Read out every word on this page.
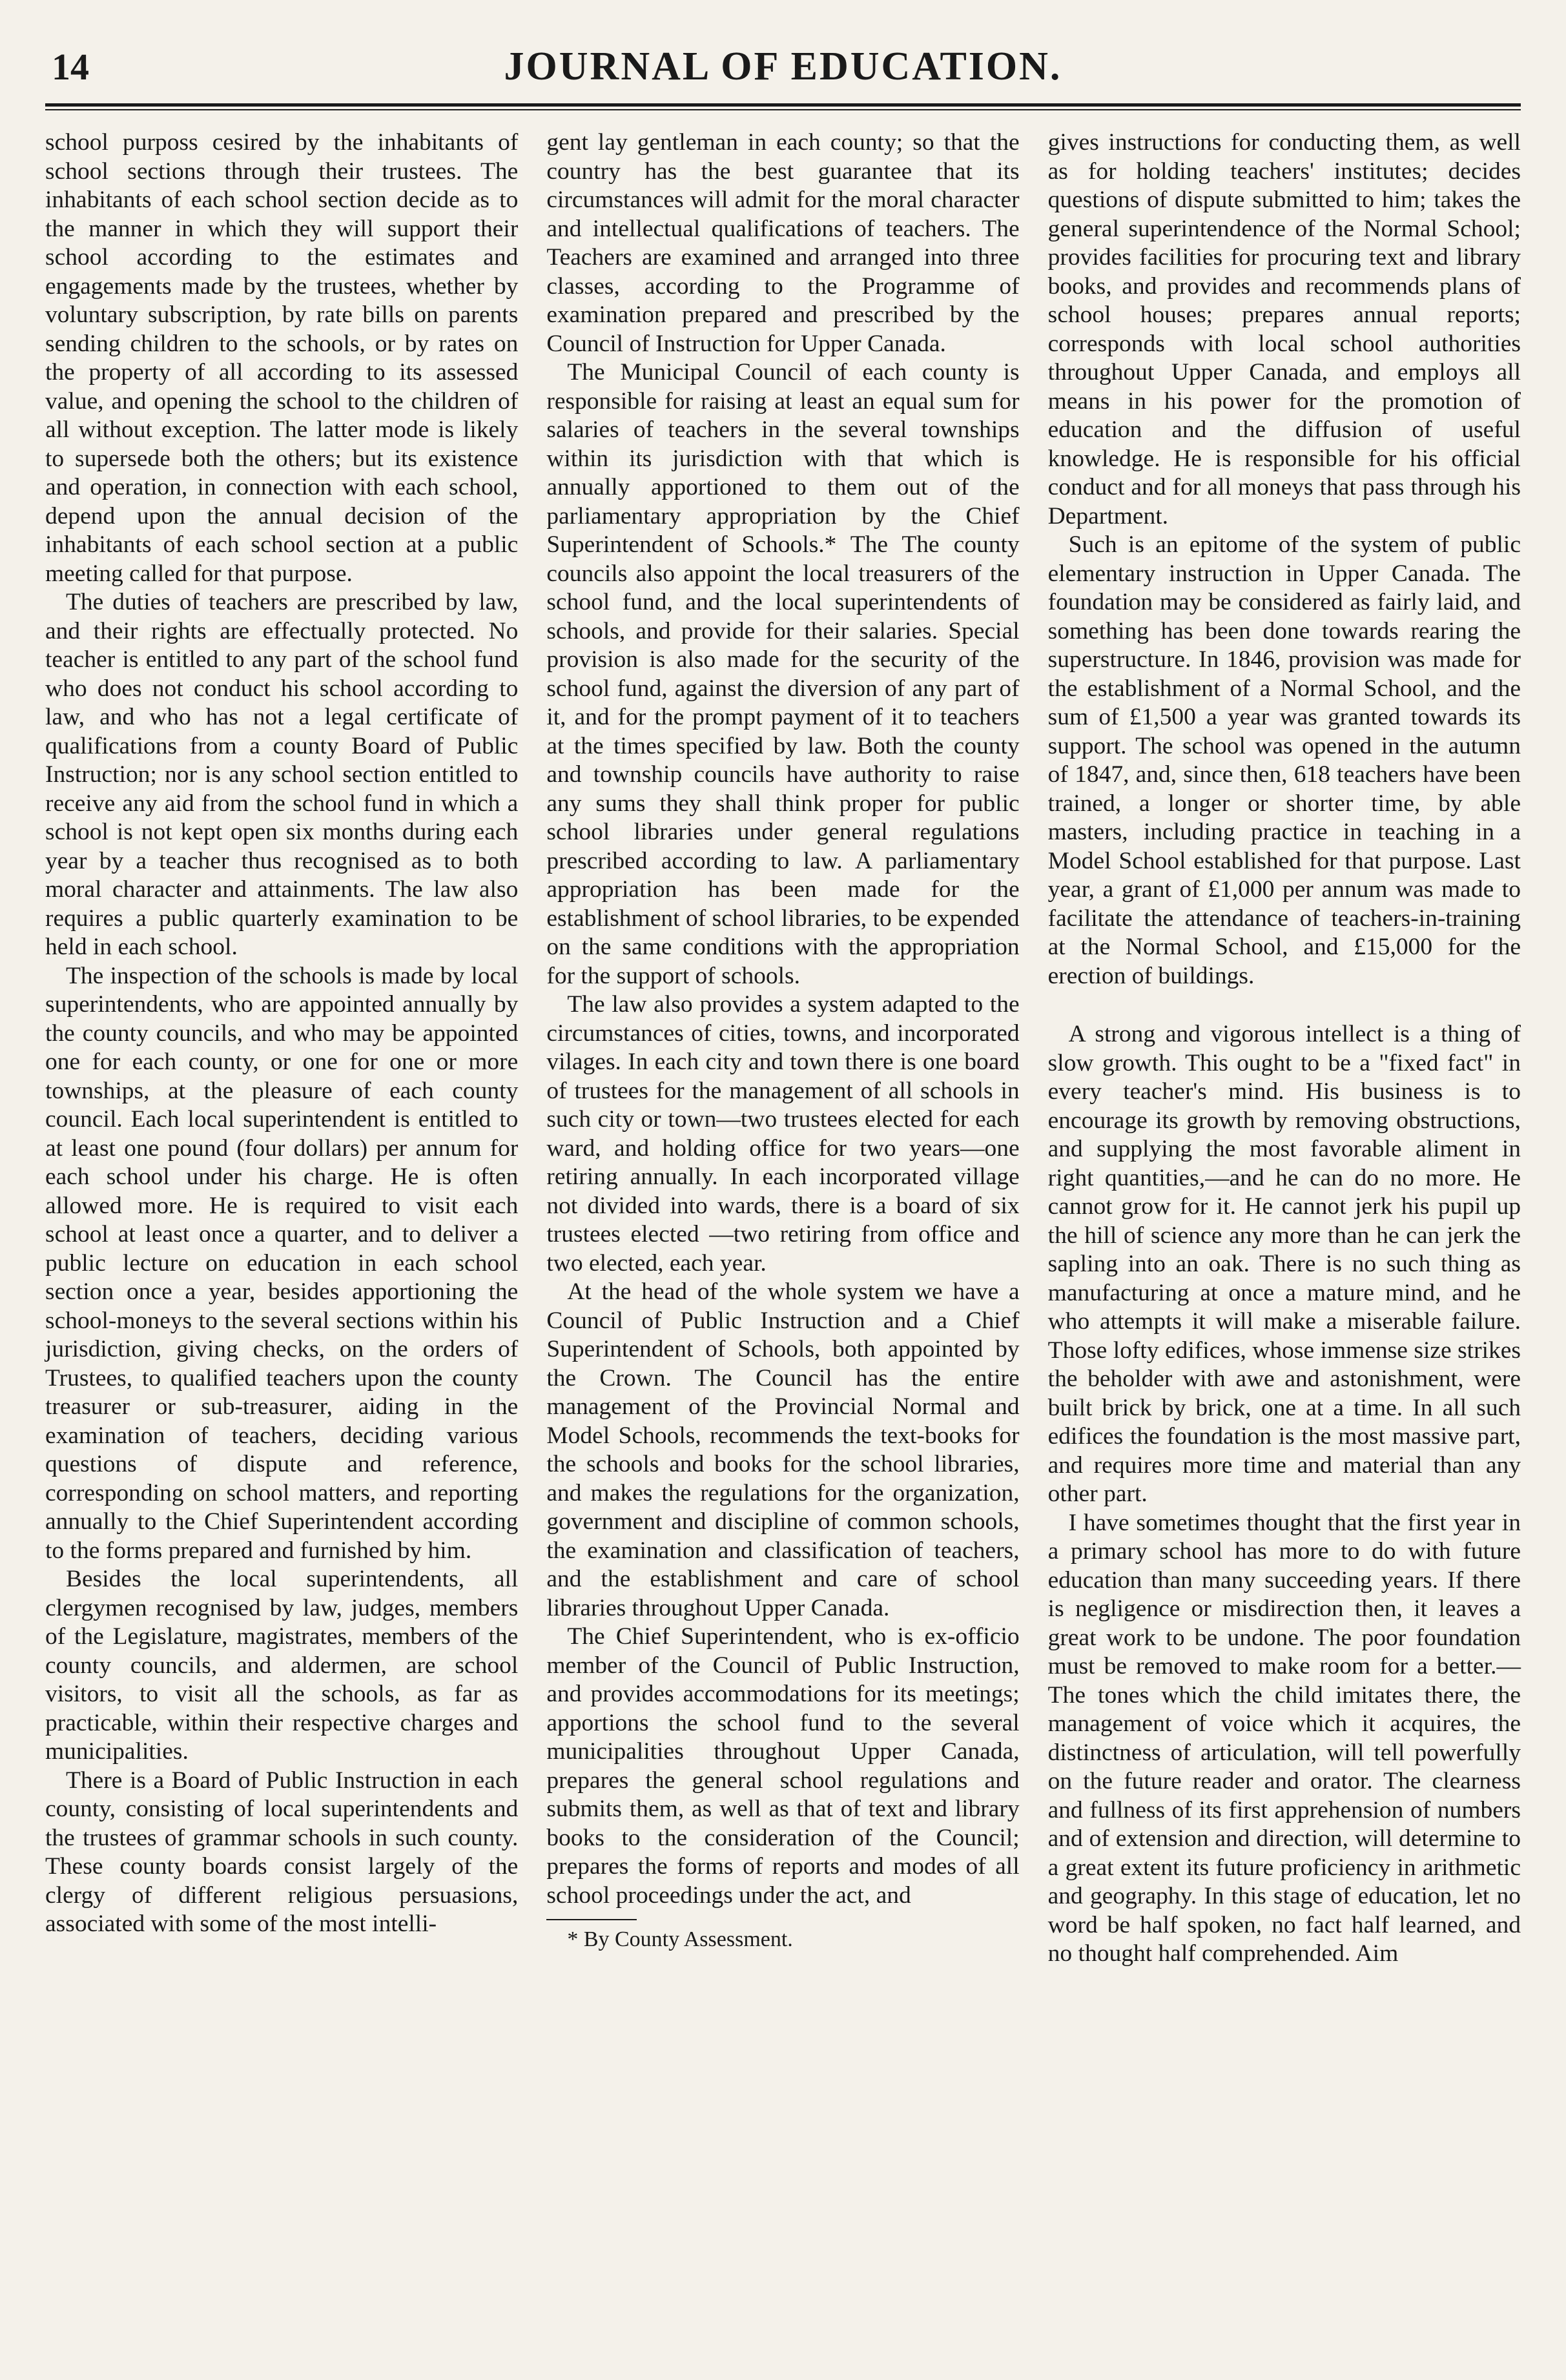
14	JOURNAL OF EDUCATION.

school purposs cesired by the inhabitants of school sections through their trustees. The inhabitants of each school section decide as to the manner in which they will support their school according to the estimates and engagements made by the trustees, whether by voluntary subscription, by rate bills on parents sending children to the schools, or by rates on the property of all according to its assessed value, and opening the school to the children of all without exception. The latter mode is likely to supersede both the others; but its existence and operation, in connection with each school, depend upon the annual decision of the inhabitants of each school section at a public meeting called for that purpose.

The duties of teachers are prescribed by law, and their rights are effectually protected. No teacher is entitled to any part of the school fund who does not conduct his school according to law, and who has not a legal certificate of qualifications from a county Board of Public Instruction; nor is any school section entitled to receive any aid from the school fund in which a school is not kept open six months during each year by a teacher thus recognised as to both moral character and attainments. The law also requires a public quarterly examination to be held in each school.

The inspection of the schools is made by local superintendents, who are appointed annually by the county councils, and who may be appointed one for each county, or one for one or more townships, at the pleasure of each county council. Each local superintendent is entitled to at least one pound (four dollars) per annum for each school under his charge. He is often allowed more. He is required to visit each school at least once a quarter, and to deliver a public lecture on education in each school section once a year, besides apportioning the school-moneys to the several sections within his jurisdiction, giving checks, on the orders of Trustees, to qualified teachers upon the county treasurer or sub-treasurer, aiding in the examination of teachers, deciding various questions of dispute and reference, corresponding on school matters, and reporting annually to the Chief Superintendent according to the forms prepared and furnished by him.

Besides the local superintendents, all clergymen recognised by law, judges, members of the Legislature, magistrates, members of the county councils, and aldermen, are school visitors, to visit all the schools, as far as practicable, within their respective charges and municipalities.

There is a Board of Public Instruction in each county, consisting of local superintendents and the trustees of grammar schools in such county. These county boards consist largely of the clergy of different religious persuasions, associated with some of the most intelli-

gent lay gentleman in each county; so that the country has the best guarantee that its circumstances will admit for the moral character and intellectual qualifications of teachers. The Teachers are examined and arranged into three classes, according to the Programme of examination prepared and prescribed by the Council of Instruction for Upper Canada.

The Municipal Council of each county is responsible for raising at least an equal sum for salaries of teachers in the several townships within its jurisdiction with that which is annually apportioned to them out of the parliamentary appropriation by the Chief Superintendent of Schools.* The The county councils also appoint the local treasurers of the school fund, and the local superintendents of schools, and provide for their salaries. Special provision is also made for the security of the school fund, against the diversion of any part of it, and for the prompt payment of it to teachers at the times specified by law. Both the county and township councils have authority to raise any sums they shall think proper for public school libraries under general regulations prescribed according to law. A parliamentary appropriation has been made for the establishment of school libraries, to be expended on the same conditions with the appropriation for the support of schools.

The law also provides a system adapted to the circumstances of cities, towns, and incorporated vilages. In each city and town there is one board of trustees for the management of all schools in such city or town—two trustees elected for each ward, and holding office for two years—one retiring annually. In each incorporated village not divided into wards, there is a board of six trustees elected —two retiring from office and two elected, each year.

At the head of the whole system we have a Council of Public Instruction and a Chief Superintendent of Schools, both appointed by the Crown. The Council has the entire management of the Provincial Normal and Model Schools, recommends the text-books for the schools and books for the school libraries, and makes the regulations for the organization, government and discipline of common schools, the examination and classification of teachers, and the establishment and care of school libraries throughout Upper Canada.

The Chief Superintendent, who is ex-officio member of the Council of Public Instruction, and provides accommodations for its meetings; apportions the school fund to the several municipalities throughout Upper Canada, prepares the general school regulations and submits them, as well as that of text and library books to the consideration of the Council; prepares the forms of reports and modes of all school proceedings under the act, and

* By County Assessment.

gives instructions for conducting them, as well as for holding teachers' institutes; decides questions of dispute submitted to him; takes the general superintendence of the Normal School; provides facilities for procuring text and library books, and provides and recommends plans of school houses; prepares annual reports; corresponds with local school authorities throughout Upper Canada, and employs all means in his power for the promotion of education and the diffusion of useful knowledge. He is responsible for his official conduct and for all moneys that pass through his Department.

Such is an epitome of the system of public elementary instruction in Upper Canada. The foundation may be considered as fairly laid, and something has been done towards rearing the superstructure. In 1846, provision was made for the establishment of a Normal School, and the sum of £1,500 a year was granted towards its support. The school was opened in the autumn of 1847, and, since then, 618 teachers have been trained, a longer or shorter time, by able masters, including practice in teaching in a Model School established for that purpose. Last year, a grant of £1,000 per annum was made to facilitate the attendance of teachers-in-training at the Normal School, and £15,000 for the erection of buildings.

A strong and vigorous intellect is a thing of slow growth. This ought to be a "fixed fact" in every teacher's mind. His business is to encourage its growth by removing obstructions, and supplying the most favorable aliment in right quantities,—and he can do no more. He cannot grow for it. He cannot jerk his pupil up the hill of science any more than he can jerk the sapling into an oak. There is no such thing as manufacturing at once a mature mind, and he who attempts it will make a miserable failure. Those lofty edifices, whose immense size strikes the beholder with awe and astonishment, were built brick by brick, one at a time. In all such edifices the foundation is the most massive part, and requires more time and material than any other part.

I have sometimes thought that the first year in a primary school has more to do with future education than many succeeding years. If there is negligence or misdirection then, it leaves a great work to be undone. The poor foundation must be removed to make room for a better.— The tones which the child imitates there, the management of voice which it acquires, the distinctness of articulation, will tell powerfully on the future reader and orator. The clearness and fullness of its first apprehension of numbers and of extension and direction, will determine to a great extent its future proficiency in arithmetic and geography. In this stage of education, let no word be half spoken, no fact half learned, and no thought half comprehended. Aim
